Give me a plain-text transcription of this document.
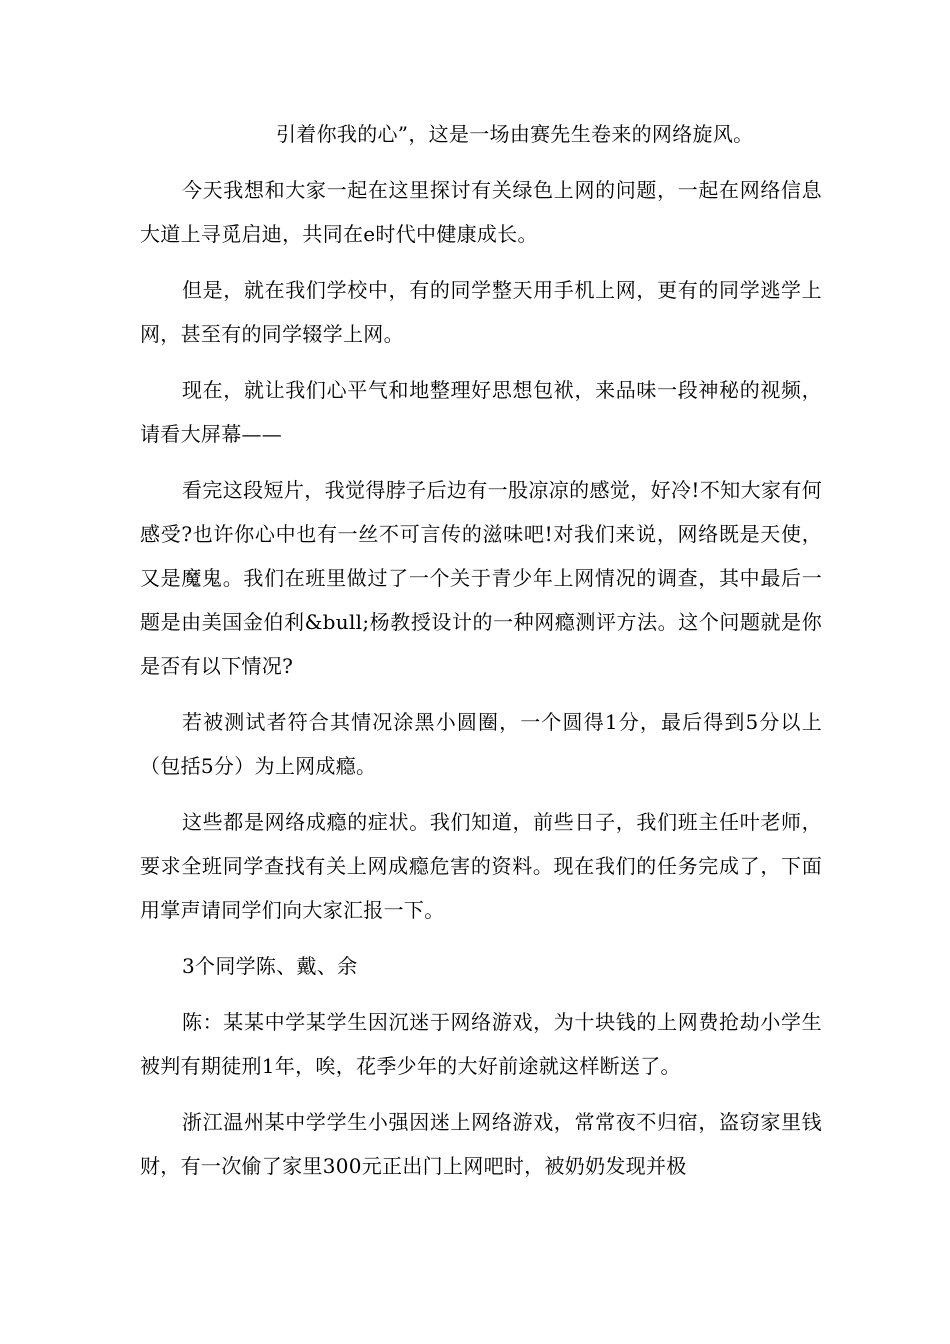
引着你我的心”，这是一场由赛先生卷来的网络旋风。

今天我想和大家一起在这里探讨有关绿色上网的问题，一起在网络信息大道上寻觅启迪，共同在e时代中健康成长。

但是，就在我们学校中，有的同学整天用手机上网，更有的同学逃学上网，甚至有的同学辍学上网。

现在，就让我们心平气和地整理好思想包袱，来品味一段神秘的视频，请看大屏幕——

看完这段短片，我觉得脖子后边有一股凉凉的感觉，好冷!不知大家有何感受?也许你心中也有一丝不可言传的滋味吧!对我们来说，网络既是天使，又是魔鬼。我们在班里做过了一个关于青少年上网情况的调查，其中最后一题是由美国金伯利&bull;杨教授设计的一种网瘾测评方法。这个问题就是你是否有以下情况?

若被测试者符合其情况涂黑小圆圈，一个圆得1分，最后得到5分以上（包括5分）为上网成瘾。

这些都是网络成瘾的症状。我们知道，前些日子，我们班主任叶老师，要求全班同学查找有关上网成瘾危害的资料。现在我们的任务完成了，下面用掌声请同学们向大家汇报一下。

3个同学陈、戴、余

陈：某某中学某学生因沉迷于网络游戏，为十块钱的上网费抢劫小学生被判有期徒刑1年，唉，花季少年的大好前途就这样断送了。

浙江温州某中学学生小强因迷上网络游戏，常常夜不归宿，盗窃家里钱财，有一次偷了家里300元正出门上网吧时，被奶奶发现并极
